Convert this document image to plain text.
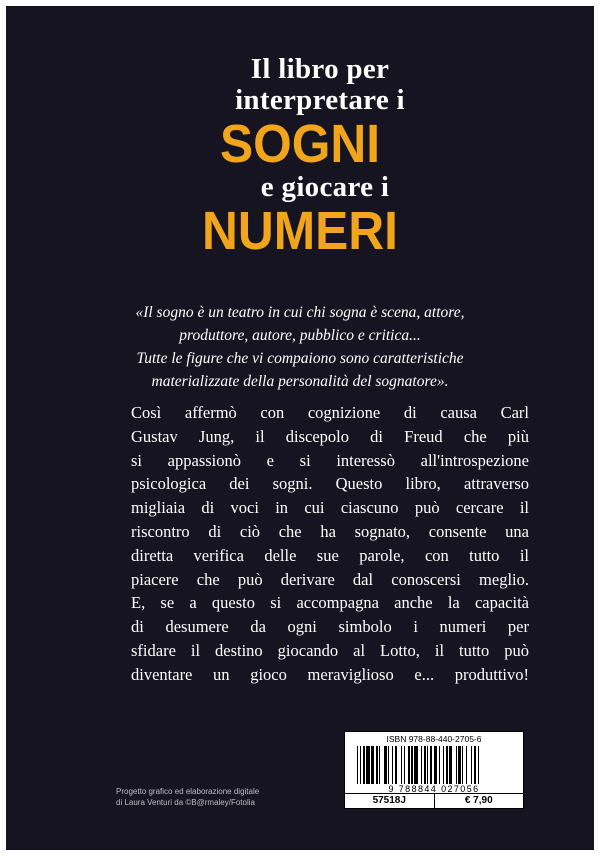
Il libro per
interpretare i
SOGNI
e giocare i
NUMERI
«Il sogno è un teatro in cui chi sogna è scena, attore,
produttore, autore, pubblico e critica...
Tutte le figure che vi compaiono sono caratteristiche
materializzate della personalità del sognatore».
Così affermò con cognizione di causa Carl
Gustav Jung, il discepolo di Freud che più
si appassionò e si interessò all'introspezione
psicologica dei sogni. Questo libro, attraverso
migliaia di voci in cui ciascuno può cercare il
riscontro di ciò che ha sognato, consente una
diretta verifica delle sue parole, con tutto il
piacere che può derivare dal conoscersi meglio.
E, se a questo si accompagna anche la capacità
di desumere da ogni simbolo i numeri per
sfidare il destino giocando al Lotto, il tutto può
diventare un gioco meraviglioso e... produttivo!
Progetto grafico ed elaborazione digitale
di Laura Venturi da ©B@rmaley/Fotolia
ISBN 978-88-440-2705-6
9 788844 027056
57518J	€ 7,90
